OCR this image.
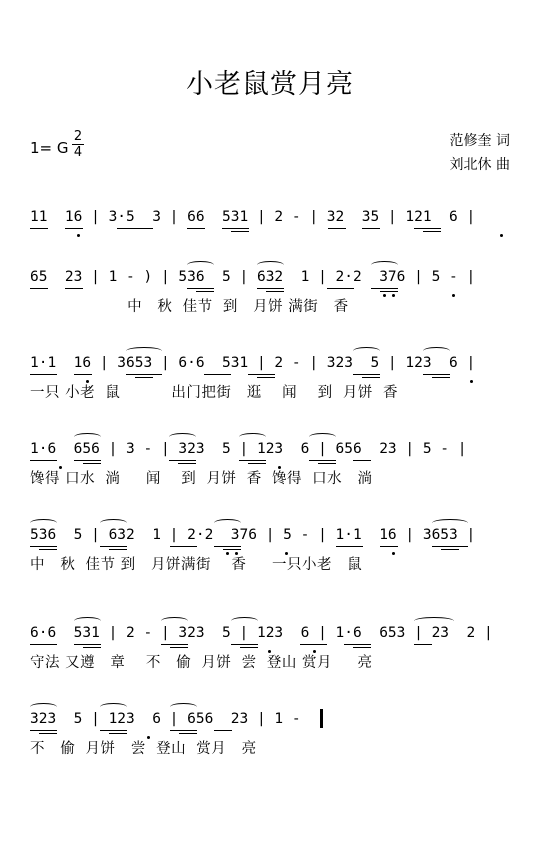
小老鼠赏月亮
1= G
2
4
范修奎 词
刘北休 曲
11  16 | 3·5  3 | 66  531 | 2 - | 32  35 | 121  6 |
65  23 | 1 - ) | 536  5 | 632  1 | 2·2  376 | 5 - |
中   秋  佳节  到   月饼 满街   香
1·1  16 | 3653 | 6·6  531 | 2 - | 323  5 | 123  6 |
一只 小老  鼠          出门把街   逛    闻    到  月饼  香
1·6  656 | 3 - | 323  5 | 123  6 | 656  23 | 5 - |
馋得 口水  淌     闻    到  月饼  香  馋得  口水   淌
536  5 | 632  1 | 2·2  376 | 5 - | 1·1  16 | 3653 |
中   秋  佳节 到   月饼满街    香     一只小老   鼠
6·6  531 | 2 - | 323  5 | 123  6 | 1·6  653 | 23  2 |
守法 又遵   章    不   偷  月饼  尝  登山 赏月     亮
323  5 | 123  6 | 656  23 | 1 -
不   偷  月饼   尝  登山  赏月   亮
